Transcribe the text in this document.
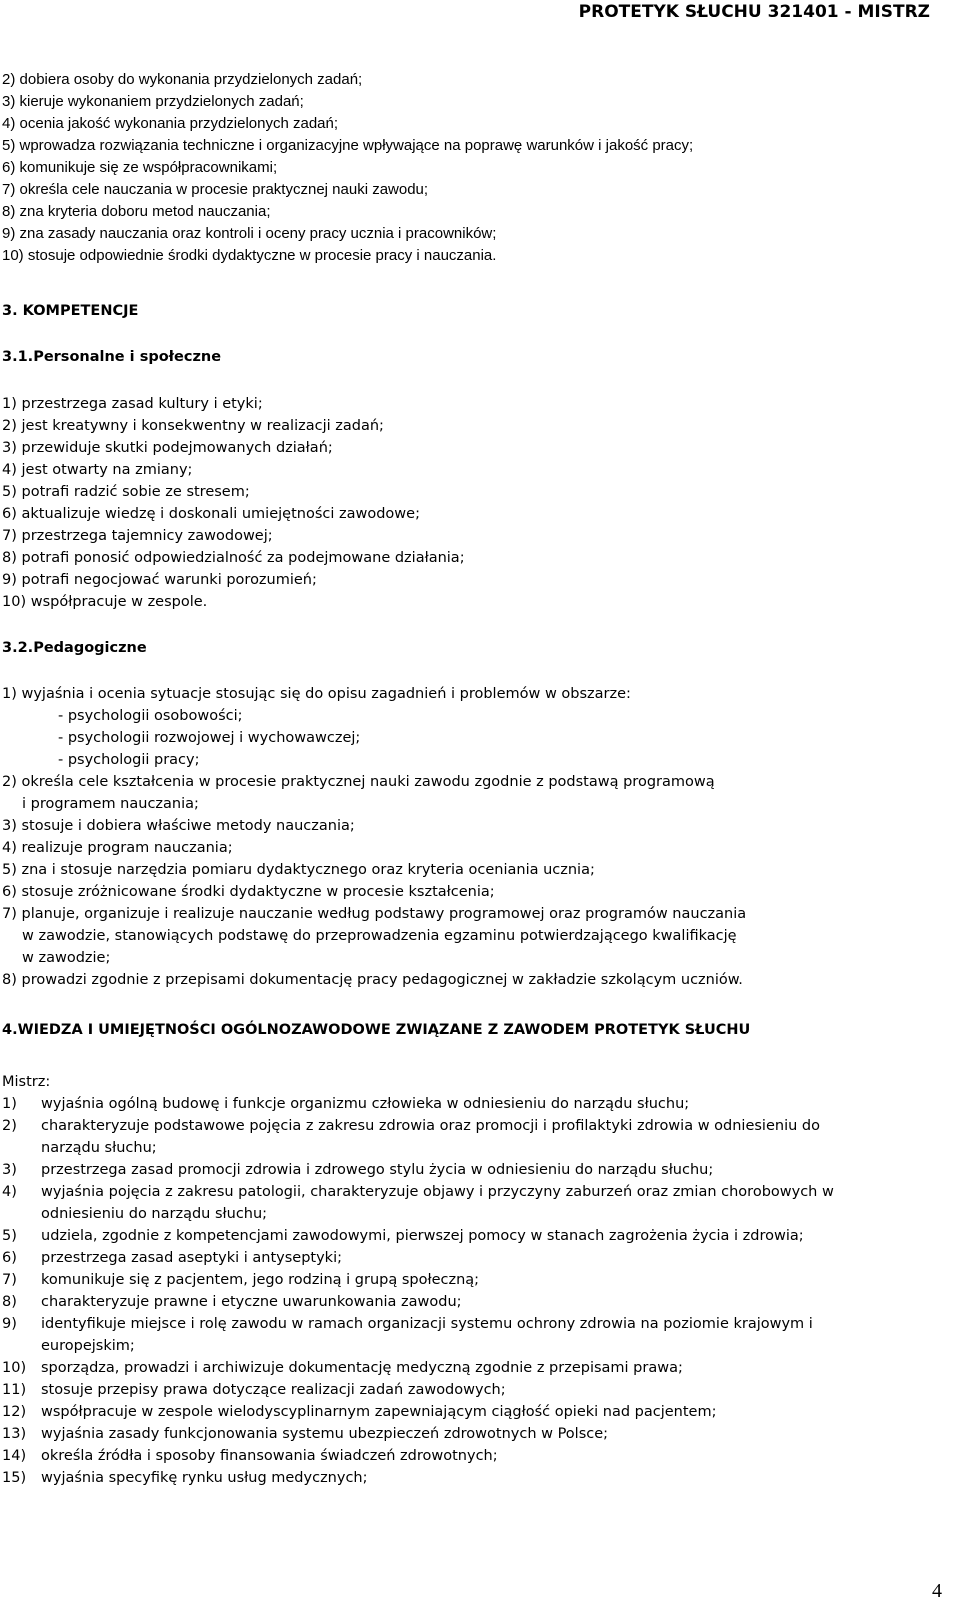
PROTETYK SŁUCHU 321401 - MISTRZ
2) dobiera osoby do wykonania przydzielonych zadań;
3) kieruje wykonaniem przydzielonych zadań;
4) ocenia jakość wykonania przydzielonych zadań;
5) wprowadza rozwiązania techniczne i organizacyjne wpływające na poprawę warunków i jakość pracy;
6) komunikuje się ze współpracownikami;
7) określa cele nauczania w procesie praktycznej nauki zawodu;
8) zna kryteria doboru metod nauczania;
9) zna zasady nauczania oraz kontroli i oceny pracy ucznia i pracowników;
10) stosuje odpowiednie środki dydaktyczne w procesie pracy i nauczania.
3. KOMPETENCJE
3.1.Personalne i społeczne
1) przestrzega zasad kultury i etyki;
2) jest kreatywny i konsekwentny w realizacji zadań;
3) przewiduje skutki podejmowanych działań;
4) jest otwarty na zmiany;
5) potrafi radzić sobie ze stresem;
6) aktualizuje wiedzę i doskonali umiejętności zawodowe;
7) przestrzega tajemnicy zawodowej;
8) potrafi ponosić odpowiedzialność za podejmowane działania;
9) potrafi negocjować warunki porozumień;
10) współpracuje w zespole.
3.2.Pedagogiczne
1) wyjaśnia i ocenia sytuacje stosując się do opisu zagadnień i problemów w obszarze:
- psychologii osobowości;
- psychologii rozwojowej i wychowawczej;
- psychologii pracy;
2) określa cele kształcenia w procesie praktycznej nauki zawodu zgodnie z podstawą programową
i programem nauczania;
3) stosuje i dobiera właściwe metody nauczania;
4) realizuje program nauczania;
5) zna i stosuje narzędzia pomiaru dydaktycznego oraz kryteria oceniania ucznia;
6) stosuje zróżnicowane środki dydaktyczne w procesie kształcenia;
7) planuje, organizuje i realizuje nauczanie według podstawy programowej oraz programów nauczania
w zawodzie, stanowiących podstawę do przeprowadzenia egzaminu potwierdzającego kwalifikację
w zawodzie;
8) prowadzi zgodnie z przepisami dokumentację pracy pedagogicznej w zakładzie szkolącym uczniów.
4.WIEDZA I UMIEJĘTNOŚCI OGÓLNOZAWODOWE ZWIĄZANE Z ZAWODEM PROTETYK SŁUCHU
Mistrz:
1) wyjaśnia ogólną budowę i funkcje organizmu człowieka w odniesieniu do narządu słuchu;
2) charakteryzuje podstawowe pojęcia z zakresu zdrowia oraz promocji i profilaktyki zdrowia w odniesieniu do
narządu słuchu;
3) przestrzega zasad promocji zdrowia i zdrowego stylu życia w odniesieniu do narządu słuchu;
4) wyjaśnia pojęcia z zakresu patologii, charakteryzuje objawy i przyczyny zaburzeń oraz zmian chorobowych w
odniesieniu do narządu słuchu;
5) udziela, zgodnie z kompetencjami zawodowymi, pierwszej pomocy w stanach zagrożenia życia i zdrowia;
6) przestrzega zasad aseptyki i antyseptyki;
7) komunikuje się z pacjentem, jego rodziną i grupą społeczną;
8) charakteryzuje prawne i etyczne uwarunkowania zawodu;
9) identyfikuje miejsce i rolę zawodu w ramach organizacji systemu ochrony zdrowia na poziomie krajowym i
europejskim;
10) sporządza, prowadzi i archiwizuje dokumentację medyczną zgodnie z przepisami prawa;
11) stosuje przepisy prawa dotyczące realizacji zadań zawodowych;
12) współpracuje w zespole wielodyscyplinarnym zapewniającym ciągłość opieki nad pacjentem;
13) wyjaśnia zasady funkcjonowania systemu ubezpieczeń zdrowotnych w Polsce;
14) określa źródła i sposoby finansowania świadczeń zdrowotnych;
15) wyjaśnia specyfikę rynku usług medycznych;
4
